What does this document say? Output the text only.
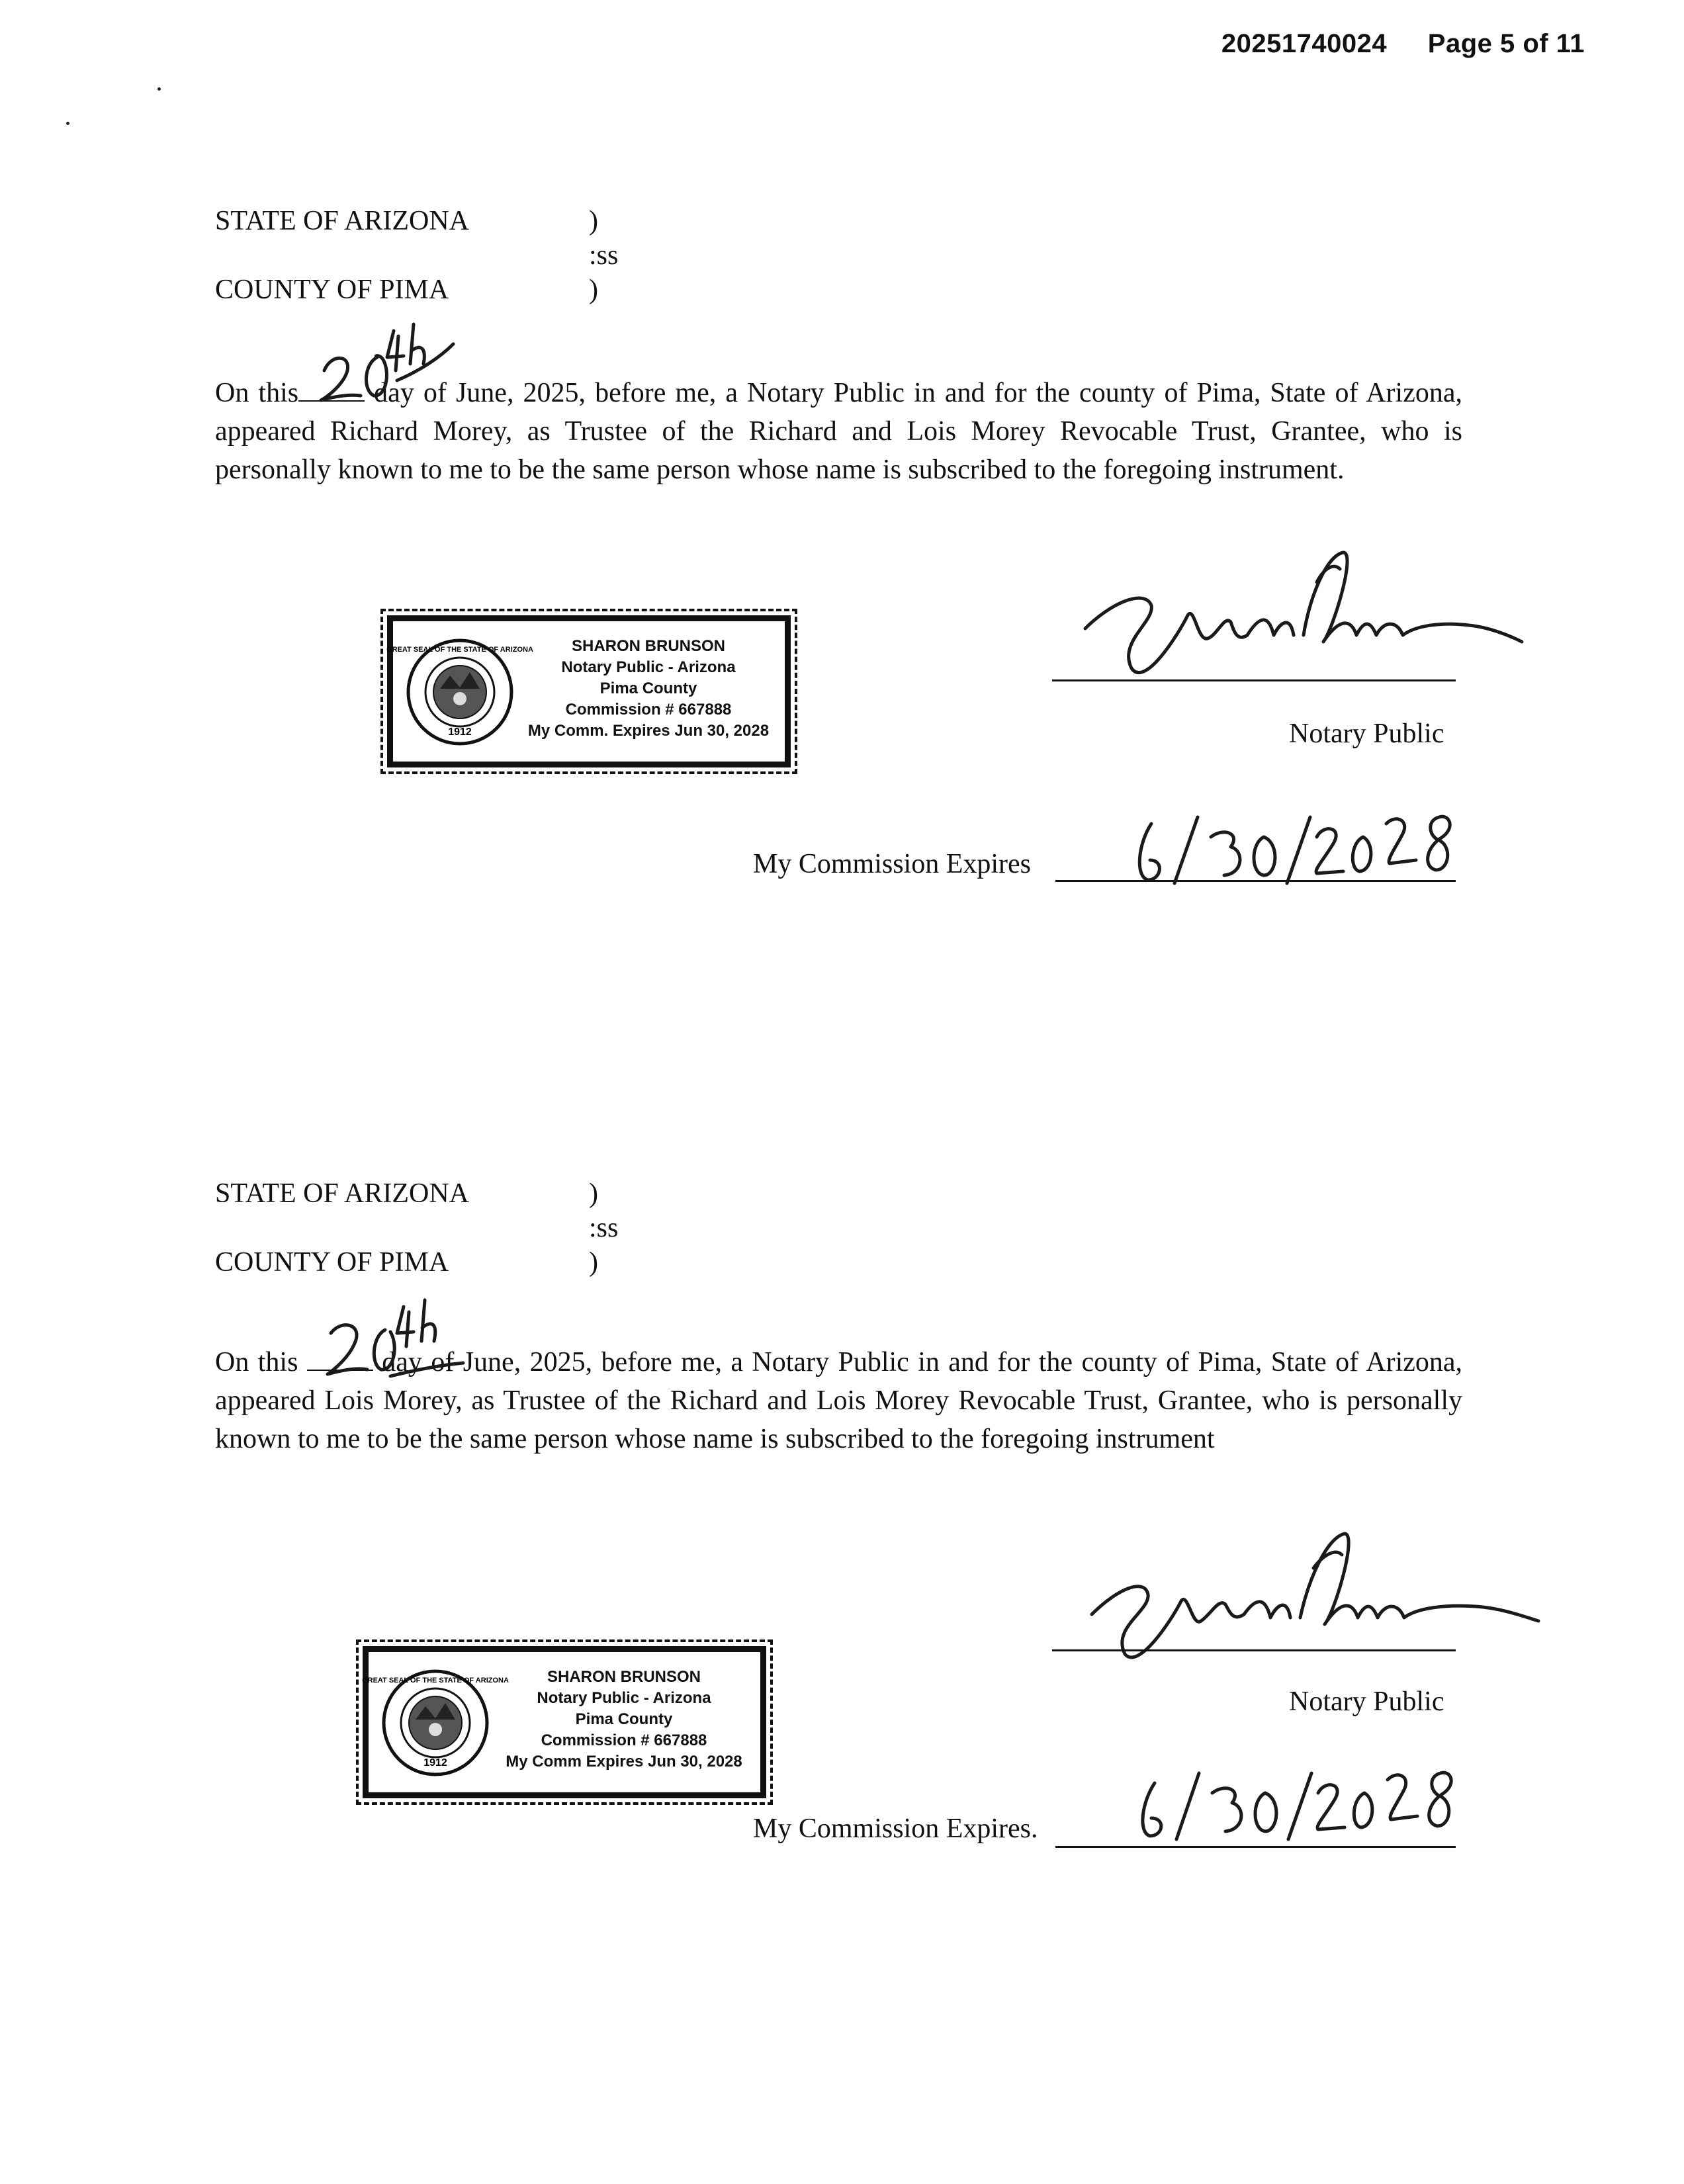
20251740024 Page 5 of 11
STATE OF ARIZONA	)
:ss
COUNTY OF PIMA	)

On this	day of June, 2025, before me, a Notary Public in and for the county of Pima, State of Arizona, appeared Richard Morey, as Trustee of the Richard and Lois Morey Revocable Trust, Grantee, who is personally known to me to be the same person whose name is subscribed to the foregoing instrument.

1912
GREAT SEAL OF THE STATE OF ARIZONA	SHARON BRUNSON
Notary Public - Arizona
Pima County
Commission # 667888
My Comm. Expires Jun 30, 2028	Notary Public
My Commission Expires
STATE OF ARIZONA	)
:ss
COUNTY OF PIMA	)

On this	day of June, 2025, before me, a Notary Public in and for the county of Pima, State of Arizona, appeared Lois Morey, as Trustee of the Richard and Lois Morey Revocable Trust, Grantee, who is personally known to me to be the same person whose name is subscribed to the foregoing instrument

Notary Public
1912
GREAT SEAL OF THE STATE OF ARIZONA	SHARON BRUNSON
Notary Public - Arizona
Pima County
Commission # 667888
My Comm Expires Jun 30, 2028
My Commission Expires.
